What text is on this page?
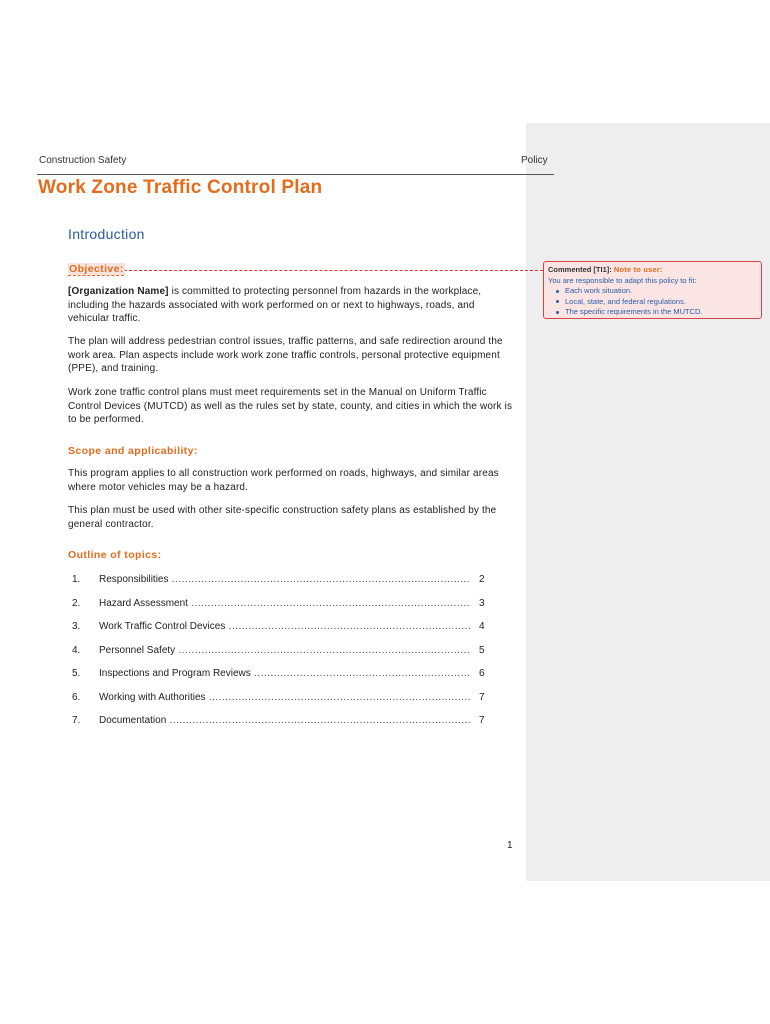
Construction Safety	Policy
Work Zone Traffic Control Plan
Introduction
Objective:

[Organization Name] is committed to protecting personnel from hazards in the workplace, including the hazards associated with work performed on or next to highways, roads, and vehicular traffic.

The plan will address pedestrian control issues, traffic patterns, and safe redirection around the work area. Plan aspects include work work zone traffic controls, personal protective equipment (PPE), and training.

Work zone traffic control plans must meet requirements set in the Manual on Uniform Traffic Control Devices (MUTCD) as well as the rules set by state, county, and cities in which the work is to be performed.

Scope and applicability:

This program applies to all construction work performed on roads, highways, and similar areas where motor vehicles may be a hazard.

This plan must be used with other site-specific construction safety plans as established by the general contractor.

Outline of topics:
1. Responsibilities .....	2
2. Hazard Assessment .....	3
3. Work Traffic Control Devices .....	4
4. Personnel Safety .....	5
5. Inspections and Program Reviews .....	6
6. Working with Authorities .....	7
7. Documentation .....	7
1
Commented [TI1]: Note to user:
You are responsible to adapt this policy to fit:
Each work situation.
Local, state, and federal regulations.
The specific requirements in the MUTCD.
